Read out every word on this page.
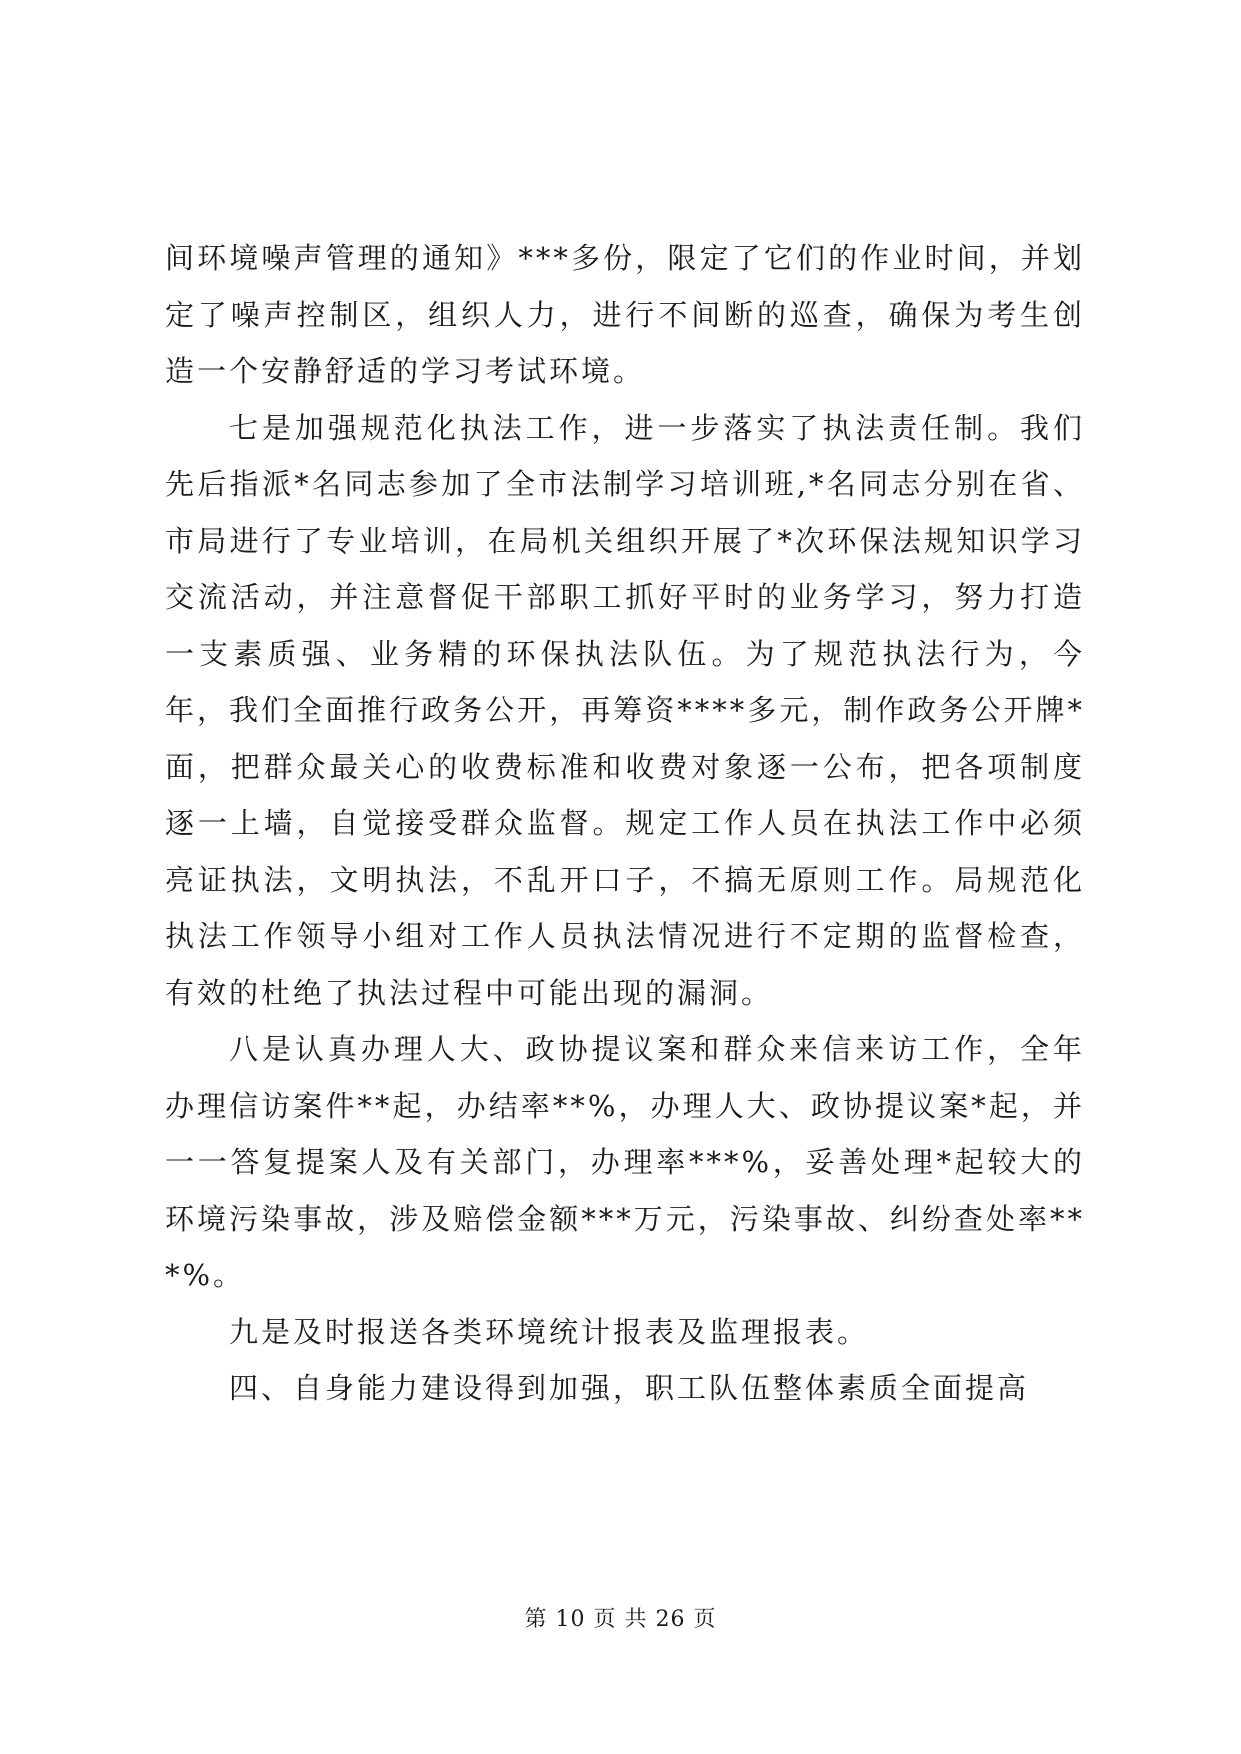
间环境噪声管理的通知》***多份，限定了它们的作业时间，并划定了噪声控制区，组织人力，进行不间断的巡查，确保为考生创造一个安静舒适的学习考试环境。

七是加强规范化执法工作，进一步落实了执法责任制。我们先后指派*名同志参加了全市法制学习培训班,*名同志分别在省、市局进行了专业培训，在局机关组织开展了*次环保法规知识学习交流活动，并注意督促干部职工抓好平时的业务学习，努力打造一支素质强、业务精的环保执法队伍。为了规范执法行为，今年，我们全面推行政务公开，再筹资****多元，制作政务公开牌*面，把群众最关心的收费标准和收费对象逐一公布，把各项制度逐一上墙，自觉接受群众监督。规定工作人员在执法工作中必须亮证执法，文明执法，不乱开口子，不搞无原则工作。局规范化执法工作领导小组对工作人员执法情况进行不定期的监督检查，有效的杜绝了执法过程中可能出现的漏洞。

八是认真办理人大、政协提议案和群众来信来访工作，全年办理信访案件**起，办结率**%，办理人大、政协提议案*起，并一一答复提案人及有关部门，办理率***%，妥善处理*起较大的环境污染事故，涉及赔偿金额***万元，污染事故、纠纷查处率***%。

九是及时报送各类环境统计报表及监理报表。

四、自身能力建设得到加强，职工队伍整体素质全面提高

第 10 页 共 26 页
